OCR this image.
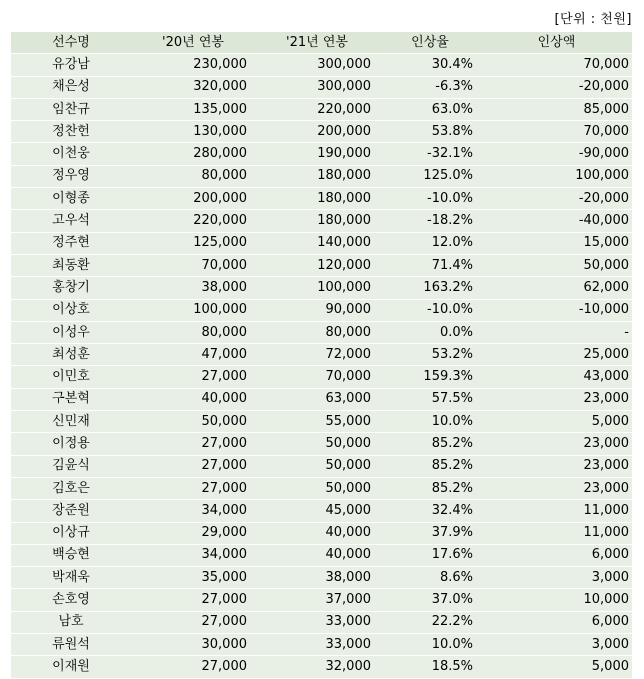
[단위 : 천원]
선수명	'20년 연봉	'21년 연봉	인상율	인상액
유강남	230,000	300,000	30.4%	70,000
채은성	320,000	300,000	-6.3%	-20,000
임찬규	135,000	220,000	63.0%	85,000
정찬헌	130,000	200,000	53.8%	70,000
이천웅	280,000	190,000	-32.1%	-90,000
정우영	80,000	180,000	125.0%	100,000
이형종	200,000	180,000	-10.0%	-20,000
고우석	220,000	180,000	-18.2%	-40,000
정주현	125,000	140,000	12.0%	15,000
최동환	70,000	120,000	71.4%	50,000
홍창기	38,000	100,000	163.2%	62,000
이상호	100,000	90,000	-10.0%	-10,000
이성우	80,000	80,000	0.0%	-
최성훈	47,000	72,000	53.2%	25,000
이민호	27,000	70,000	159.3%	43,000
구본혁	40,000	63,000	57.5%	23,000
신민재	50,000	55,000	10.0%	5,000
이정용	27,000	50,000	85.2%	23,000
김윤식	27,000	50,000	85.2%	23,000
김호은	27,000	50,000	85.2%	23,000
장준원	34,000	45,000	32.4%	11,000
이상규	29,000	40,000	37.9%	11,000
백승현	34,000	40,000	17.6%	6,000
박재욱	35,000	38,000	8.6%	3,000
손호영	27,000	37,000	37.0%	10,000
남호	27,000	33,000	22.2%	6,000
류원석	30,000	33,000	10.0%	3,000
이재원	27,000	32,000	18.5%	5,000
